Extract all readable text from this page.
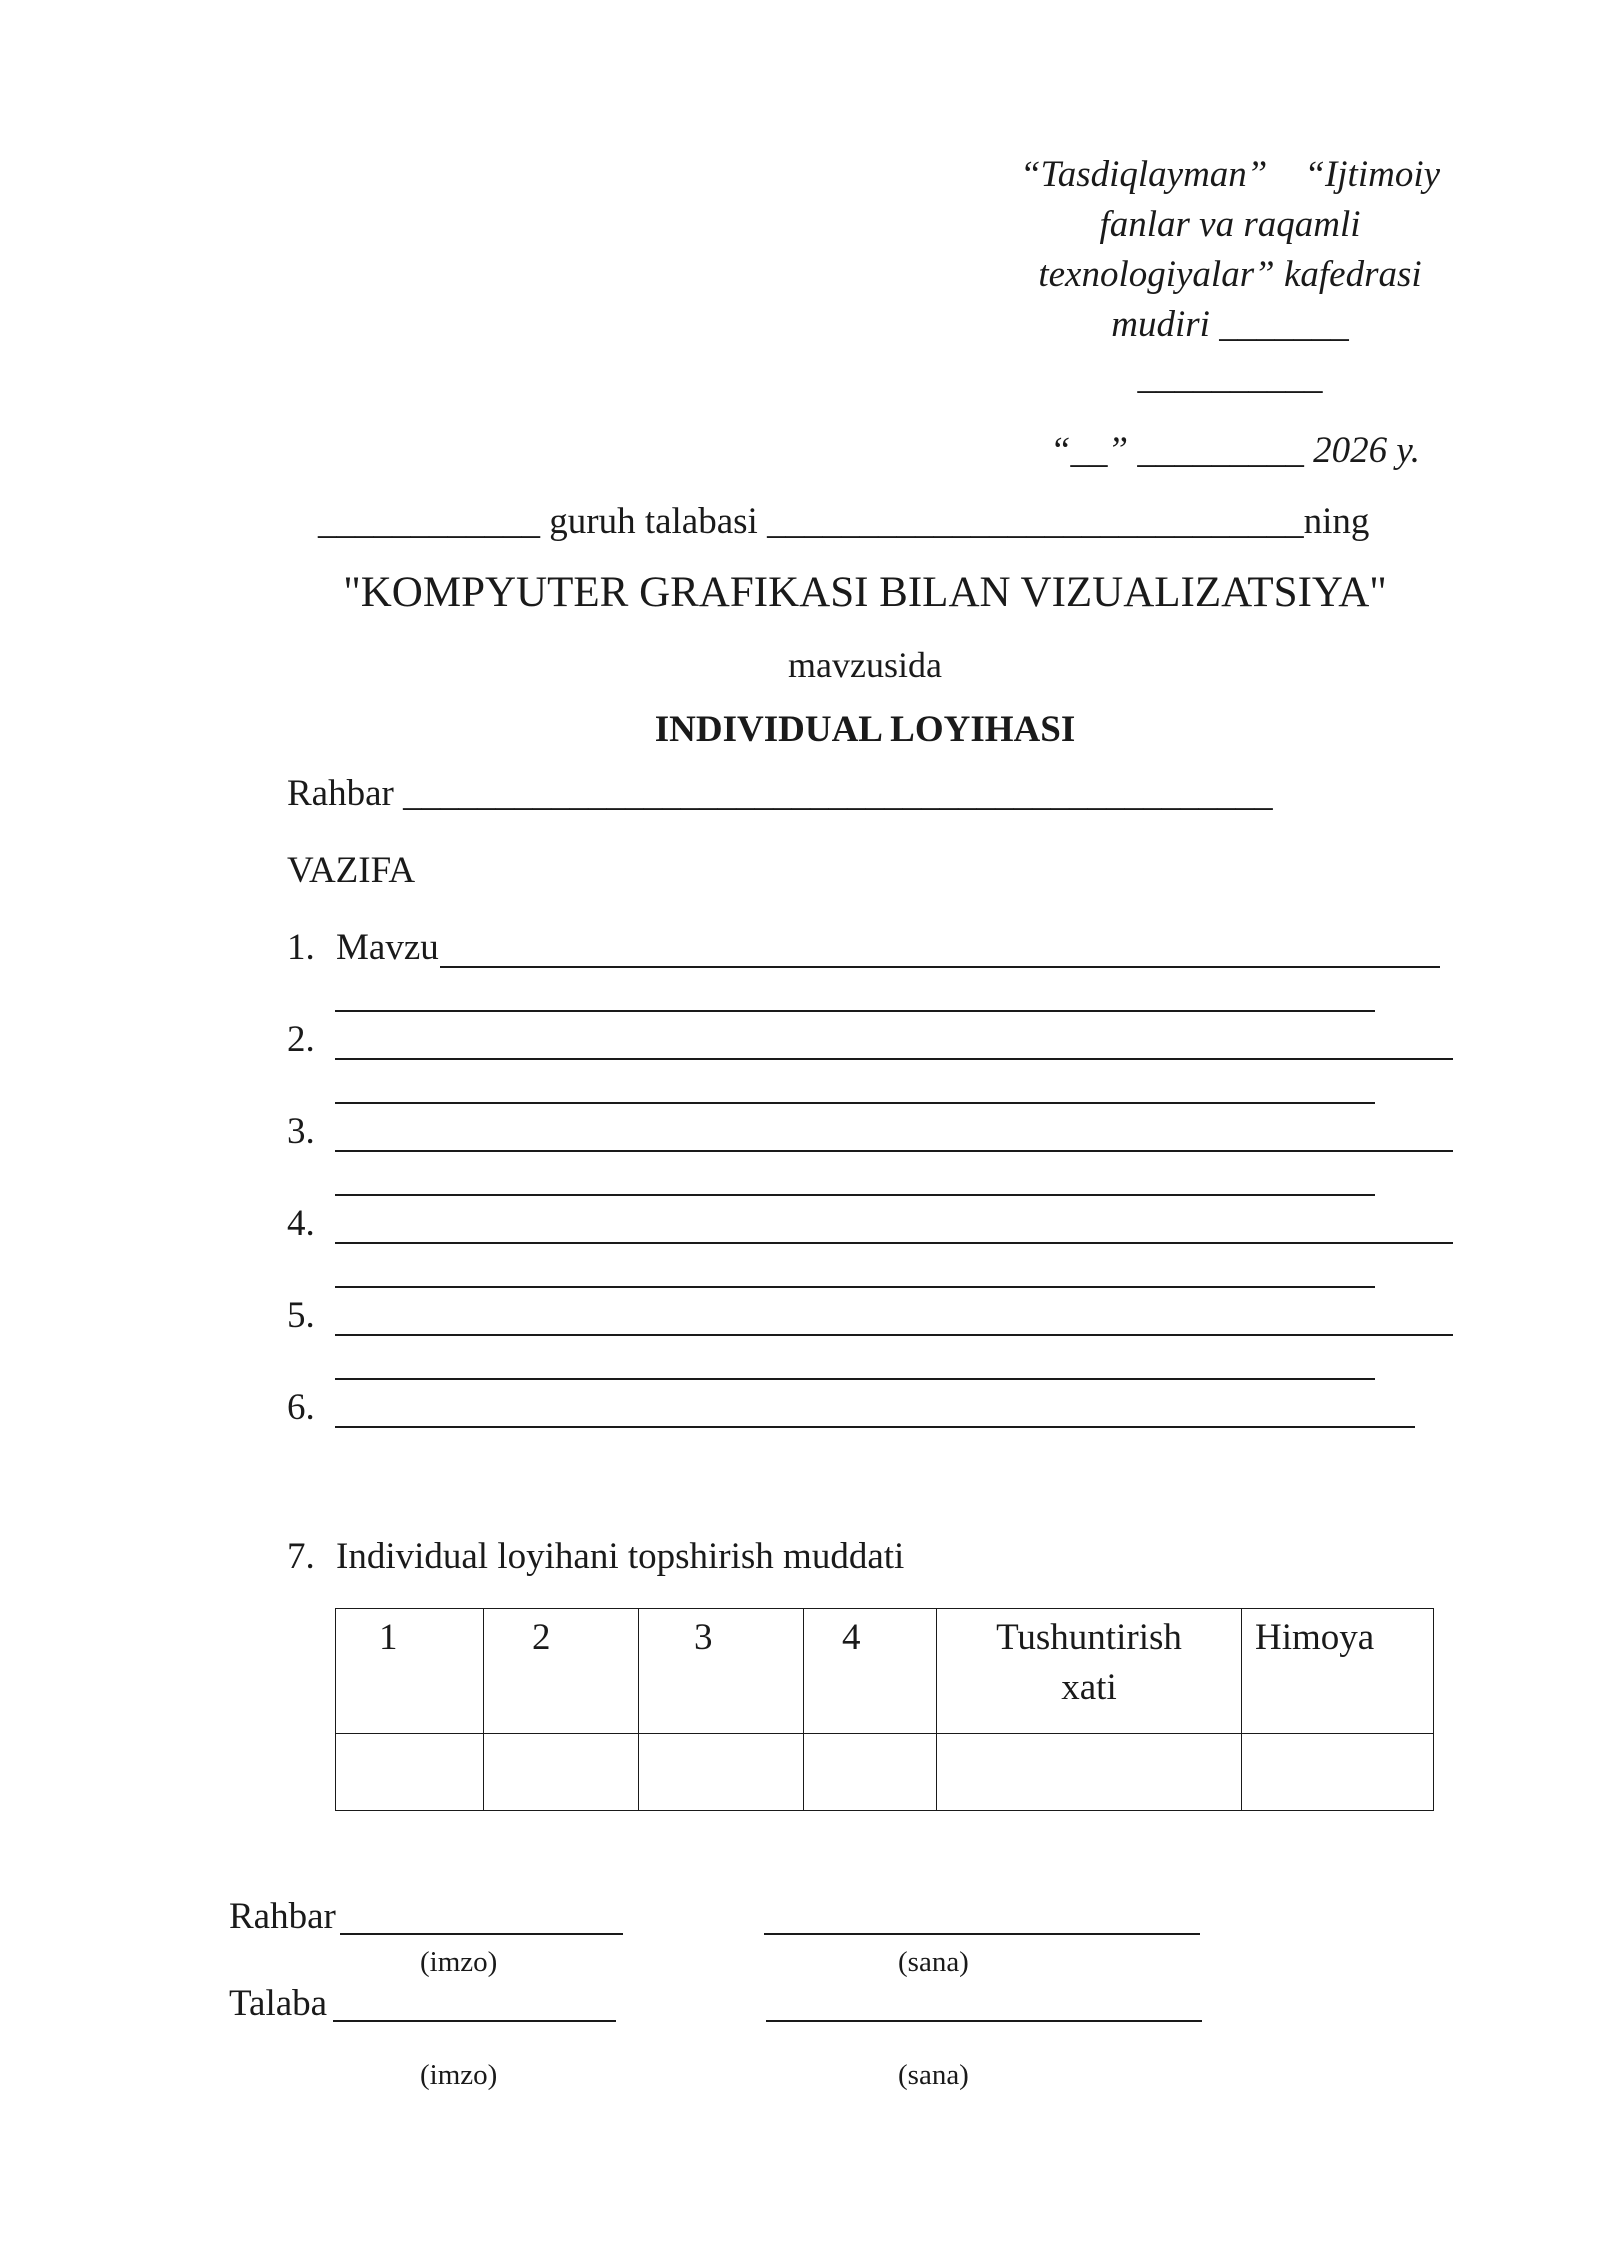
“Tasdiqlayman”    “Ijtimoiy

fanlar va raqamli

texnologiyalar” kafedrasi

mudiri _______

__________

“__” _________ 2026 y.

____________ guruh talabasi _____________________________ning
"KOMPYUTER GRAFIKASI BILAN VIZUALIZATSIYA"
mavzusida
INDIVIDUAL LOYIHASI
Rahbar _______________________________________________
VAZIFA
1. Mavzu
2.
3.
4.
5.
6.
7. Individual loyihani topshirish muddati
1	2	3	4	Tushuntirish xati	Himoya

Rahbar
(imzo)	(sana)
Talaba
(imzo)	(sana)
